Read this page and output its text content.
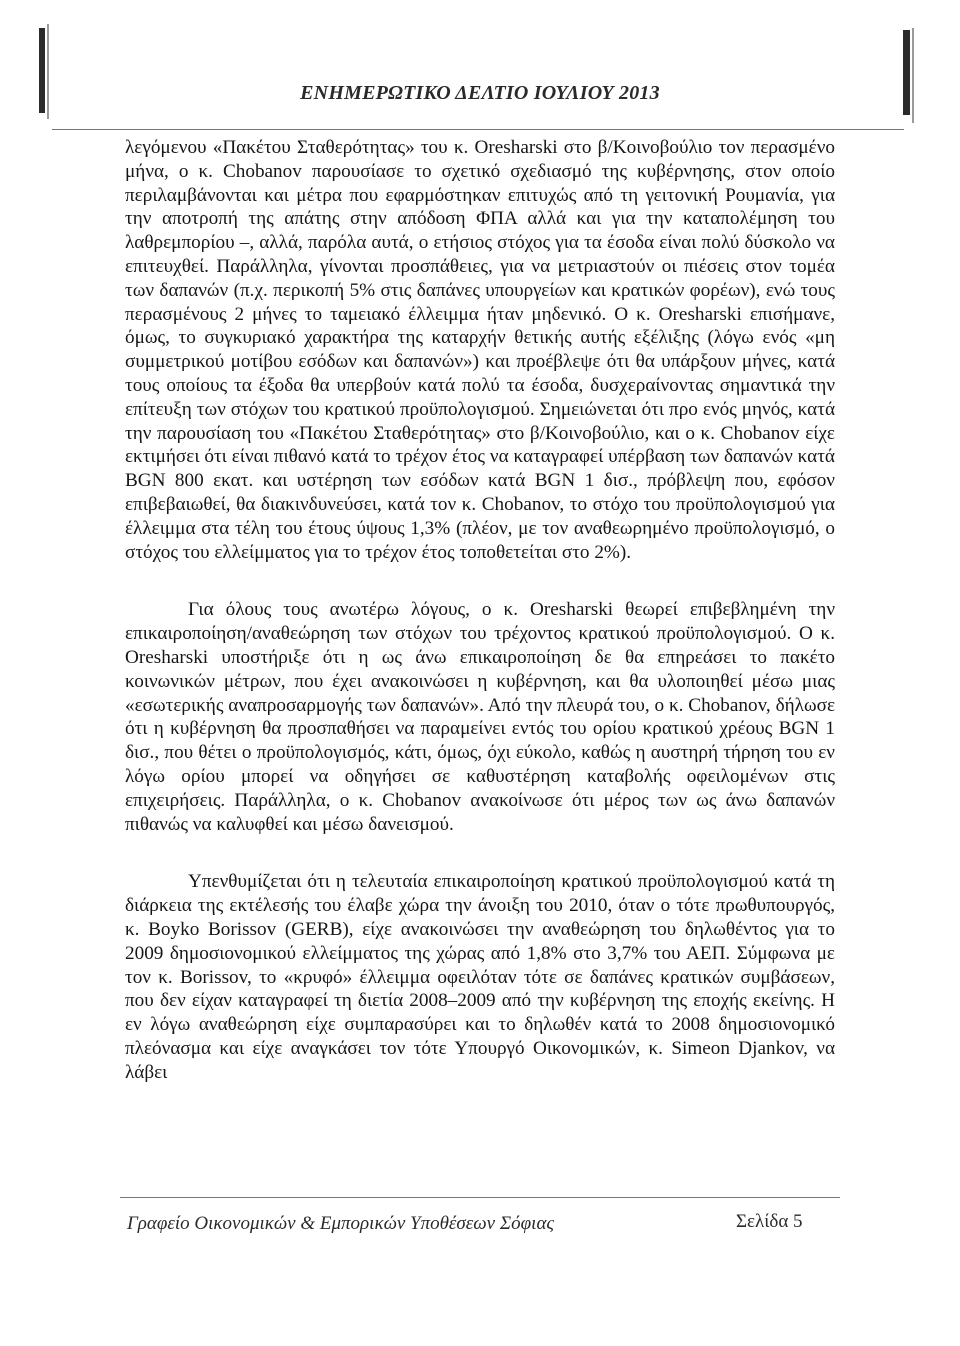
ΕΝΗΜΕΡΩΤΙΚΟ ΔΕΛΤΙΟ ΙΟΥΛΙΟΥ 2013

λεγόμενου «Πακέτου Σταθερότητας» του κ. Oresharski στο β/Κοινοβούλιο τον περασμένο μήνα, ο κ. Chobanov παρουσίασε το σχετικό σχεδιασμό της κυβέρνησης, στον οποίο περιλαμβάνονται και μέτρα που εφαρμόστηκαν επιτυχώς από τη γειτονική Ρουμανία, για την αποτροπή της απάτης στην απόδοση ΦΠΑ αλλά και για την καταπολέμηση του λαθρεμπορίου –, αλλά, παρόλα αυτά, ο ετήσιος στόχος για τα έσοδα είναι πολύ δύσκολο να επιτευχθεί. Παράλληλα, γίνονται προσπάθειες, για να μετριαστούν οι πιέσεις στον τομέα των δαπανών (π.χ. περικοπή 5% στις δαπάνες υπουργείων και κρατικών φορέων), ενώ τους περασμένους 2 μήνες το ταμειακό έλλειμμα ήταν μηδενικό. Ο κ. Oresharski επισήμανε, όμως, το συγκυριακό χαρακτήρα της καταρχήν θετικής αυτής εξέλιξης (λόγω ενός «μη συμμετρικού μοτίβου εσόδων και δαπανών») και προέβλεψε ότι θα υπάρξουν μήνες, κατά τους οποίους τα έξοδα θα υπερβούν κατά πολύ τα έσοδα, δυσχεραίνοντας σημαντικά την επίτευξη των στόχων του κρατικού προϋπολογισμού. Σημειώνεται ότι προ ενός μηνός, κατά την παρουσίαση του «Πακέτου Σταθερότητας» στο β/Κοινοβούλιο, και ο κ. Chobanov είχε εκτιμήσει ότι είναι πιθανό κατά το τρέχον έτος να καταγραφεί υπέρβαση των δαπανών κατά BGN 800 εκατ. και υστέρηση των εσόδων κατά BGN 1 δισ., πρόβλεψη που, εφόσον επιβεβαιωθεί, θα διακινδυνεύσει, κατά τον κ. Chobanov, το στόχο του προϋπολογισμού για έλλειμμα στα τέλη του έτους ύψους 1,3% (πλέον, με τον αναθεωρημένο προϋπολογισμό, ο στόχος του ελλείμματος για το τρέχον έτος τοποθετείται στο 2%).

Για όλους τους ανωτέρω λόγους, ο κ. Oresharski θεωρεί επιβεβλημένη την επικαιροποίηση/αναθεώρηση των στόχων του τρέχοντος κρατικού προϋπολογισμού. Ο κ. Oresharski υποστήριξε ότι η ως άνω επικαιροποίηση δε θα επηρεάσει το πακέτο κοινωνικών μέτρων, που έχει ανακοινώσει η κυβέρνηση, και θα υλοποιηθεί μέσω μιας «εσωτερικής αναπροσαρμογής των δαπανών». Από την πλευρά του, ο κ. Chobanov, δήλωσε ότι η κυβέρνηση θα προσπαθήσει να παραμείνει εντός του ορίου κρατικού χρέους BGN 1 δισ., που θέτει ο προϋπολογισμός, κάτι, όμως, όχι εύκολο, καθώς η αυστηρή τήρηση του εν λόγω ορίου μπορεί να οδηγήσει σε καθυστέρηση καταβολής οφειλομένων στις επιχειρήσεις. Παράλληλα, ο κ. Chobanov ανακοίνωσε ότι μέρος των ως άνω δαπανών πιθανώς να καλυφθεί και μέσω δανεισμού.

Υπενθυμίζεται ότι η τελευταία επικαιροποίηση κρατικού προϋπολογισμού κατά τη διάρκεια της εκτέλεσής του έλαβε χώρα την άνοιξη του 2010, όταν ο τότε πρωθυπουργός, κ. Boyko Borissov (GERB), είχε ανακοινώσει την αναθεώρηση του δηλωθέντος για το 2009 δημοσιονομικού ελλείμματος της χώρας από 1,8% στο 3,7% του ΑΕΠ. Σύμφωνα με τον κ. Borissov, το «κρυφό» έλλειμμα οφειλόταν τότε σε δαπάνες κρατικών συμβάσεων, που δεν είχαν καταγραφεί τη διετία 2008–2009 από την κυβέρνηση της εποχής εκείνης. Η εν λόγω αναθεώρηση είχε συμπαρασύρει και το δηλωθέν κατά το 2008 δημοσιονομικό πλεόνασμα και είχε αναγκάσει τον τότε Υπουργό Οικονομικών, κ. Simeon Djankov, να λάβει

Γραφείο Οικονομικών & Εμπορικών Υποθέσεων Σόφιας	Σελίδα 5
